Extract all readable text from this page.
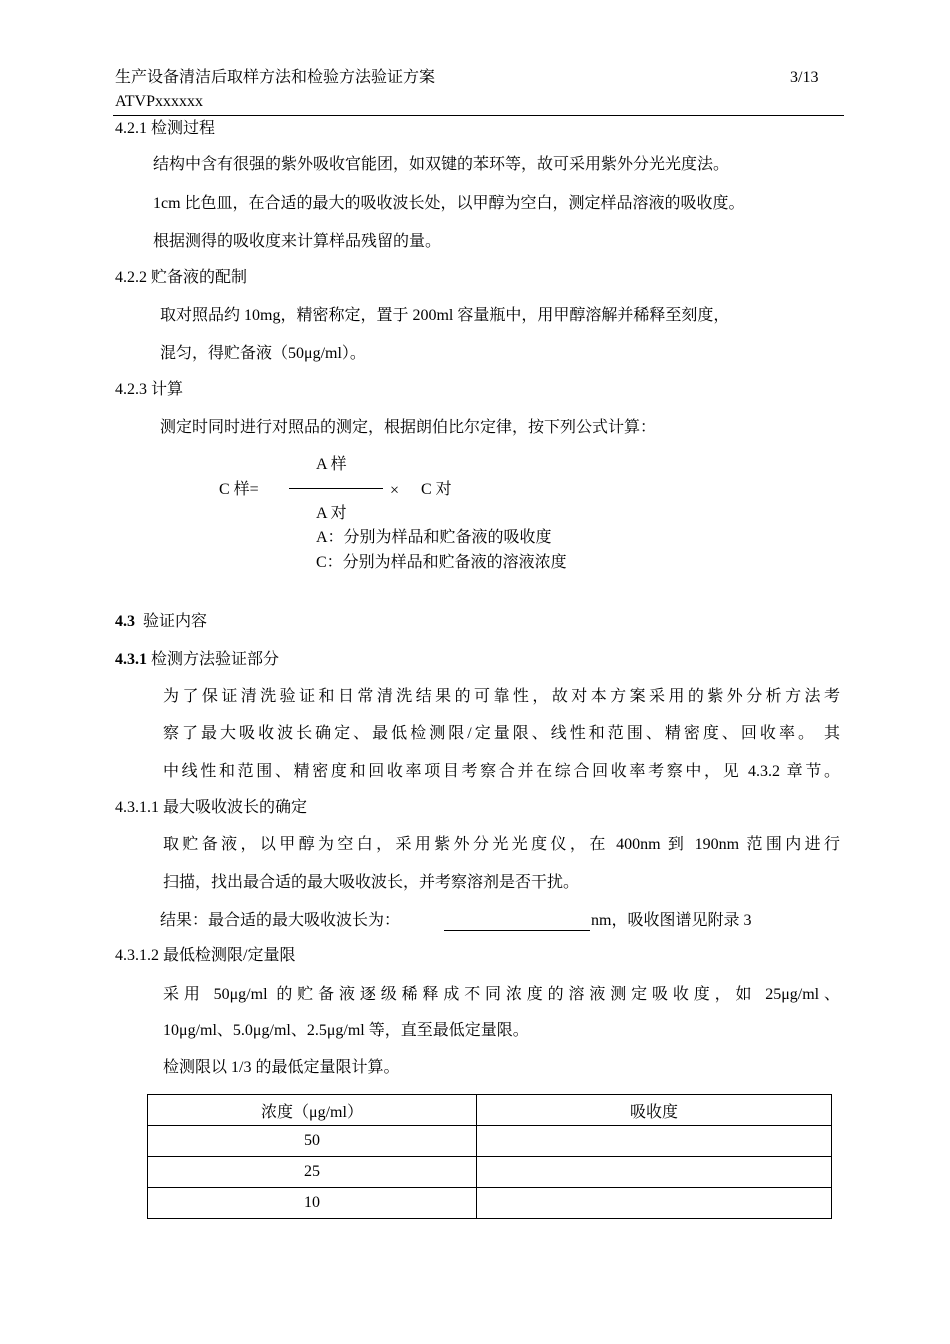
生产设备清洁后取样方法和检验方法验证方案	3/13
ATVPxxxxxx
4.2.1 检测过程
结构中含有很强的紫外吸收官能团，如双键的苯环等，故可采用紫外分光光度法。
1cm 比色皿，在合适的最大的吸收波长处，以甲醇为空白，测定样品溶液的吸收度。
根据测得的吸收度来计算样品残留的量。
4.2.2 贮备液的配制
取对照品约 10mg，精密称定，置于 200ml 容量瓶中，用甲醇溶解并稀释至刻度，
混匀，得贮备液（50μg/ml）。
4.2.3 计算
测定时同时进行对照品的测定，根据朗伯比尔定律，按下列公式计算：
A 样
C 样=	× C 对
A 对
A：分别为样品和贮备液的吸收度
C：分别为样品和贮备液的溶液浓度
4.3 验证内容
4.3.1 检测方法验证部分
为了保证清洗验证和日常清洗结果的可靠性，故对本方案采用的紫外分析方法考
察了最大吸收波长确定、最低检测限/定量限、线性和范围、精密度、回收率。 其
中线性和范围、精密度和回收率项目考察合并在综合回收率考察中，见 4.3.2 章节。
4.3.1.1 最大吸收波长的确定
取贮备液，以甲醇为空白，采用紫外分光光度仪，在 400nm 到 190nm 范围内进行
扫描，找出最合适的最大吸收波长，并考察溶剂是否干扰。
结果：最合适的最大吸收波长为：	nm，吸收图谱见附录 3
4.3.1.2 最低检测限/定量限
采用 50μg/ml 的贮备液逐级稀释成不同浓度的溶液测定吸收度，如 25μg/ml、
10μg/ml、5.0μg/ml、2.5μg/ml 等，直至最低定量限。
检测限以 1/3 的最低定量限计算。
浓度（μg/ml）	吸收度
50	
25	
10	
